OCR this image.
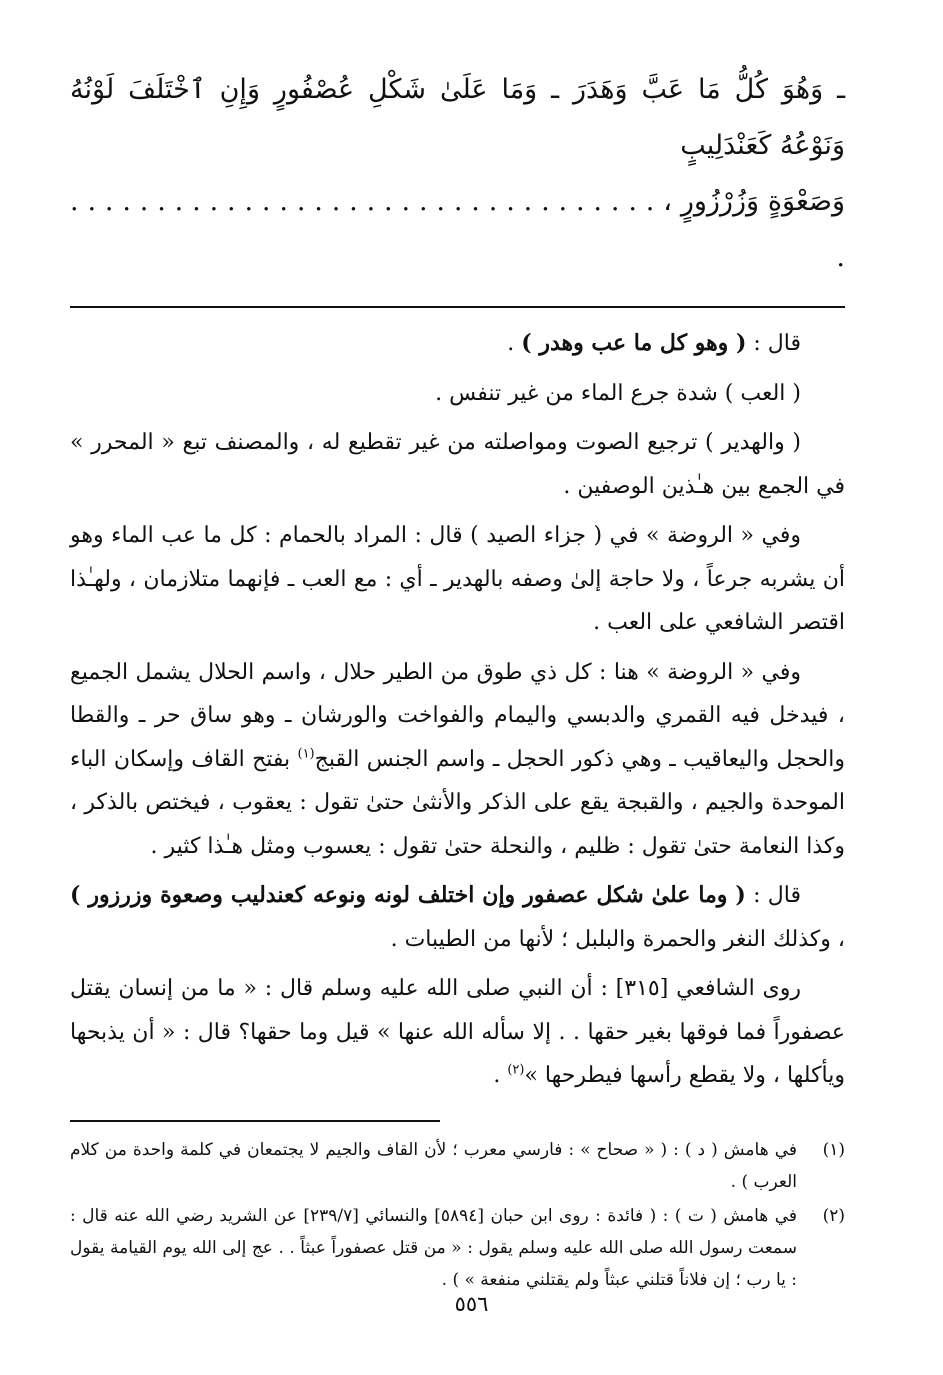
ـ وَهُوَ كُلُّ مَا عَبَّ وَهَدَرَ ـ وَمَا عَلَىٰ شَكْلِ عُصْفُورٍ وَإِنِ ٱخْتَلَفَ لَوْنُهُ وَنَوْعُهُ كَعَنْدَلِيبٍ
وَصَعْوَةٍ وَزُرْزُورٍ ، . . . . . . . . . . . . . . . . . . . . . . . . . . . . . . . . . . .

قال : ( وهو كل ما عب وهدر ) .

( العب ) شدة جرع الماء من غير تنفس .

( والهدير ) ترجيع الصوت ومواصلته من غير تقطيع له ، والمصنف تبع « المحرر » في الجمع بين هـٰذين الوصفين .

وفي « الروضة » في ( جزاء الصيد ) قال : المراد بالحمام : كل ما عب الماء وهو أن يشربه جرعاً ، ولا حاجة إلىٰ وصفه بالهدير ـ أي : مع العب ـ فإنهما متلازمان ، ولهـٰذا اقتصر الشافعي على العب .

وفي « الروضة » هنا : كل ذي طوق من الطير حلال ، واسم الحلال يشمل الجميع ، فيدخل فيه القمري والدبسي واليمام والفواخت والورشان ـ وهو ساق حر ـ والقطا والحجل واليعاقيب ـ وهي ذكور الحجل ـ واسم الجنس القبج$^{(١)}$ بفتح القاف وإسكان الباء الموحدة والجيم ، والقبجة يقع على الذكر والأنثىٰ حتىٰ تقول : يعقوب ، فيختص بالذكر ، وكذا النعامة حتىٰ تقول : ظليم ، والنحلة حتىٰ تقول : يعسوب ومثل هـٰذا كثير .

قال : ( وما علىٰ شكل عصفور وإن اختلف لونه ونوعه كعندليب وصعوة وزرزور ) ، وكذلك النغر والحمرة والبلبل ؛ لأنها من الطيبات .

روى الشافعي [٣١٥] : أن النبي صلى الله عليه وسلم قال : « ما من إنسان يقتل عصفوراً فما فوقها بغير حقها . . إلا سأله الله عنها » قيل وما حقها؟ قال : « أن يذبحها ويأكلها ، ولا يقطع رأسها فيطرحها »$^{(٢)}$ .

(١)
في هامش ( د ) : ( « صحاح » : فارسي معرب ؛ لأن القاف والجيم لا يجتمعان في كلمة واحدة من كلام العرب ) .
(٢)
في هامش ( ت ) : ( فائدة : روى ابن حبان [٥٨٩٤] والنسائي [٢٣٩/٧] عن الشريد رضي الله عنه قال : سمعت رسول الله صلى الله عليه وسلم يقول : « من قتل عصفوراً عبثاً . . عج إلى الله يوم القيامة يقول : يا رب ؛ إن فلاناً قتلني عبثاً ولم يقتلني منفعة » ) .
٥٥٦
